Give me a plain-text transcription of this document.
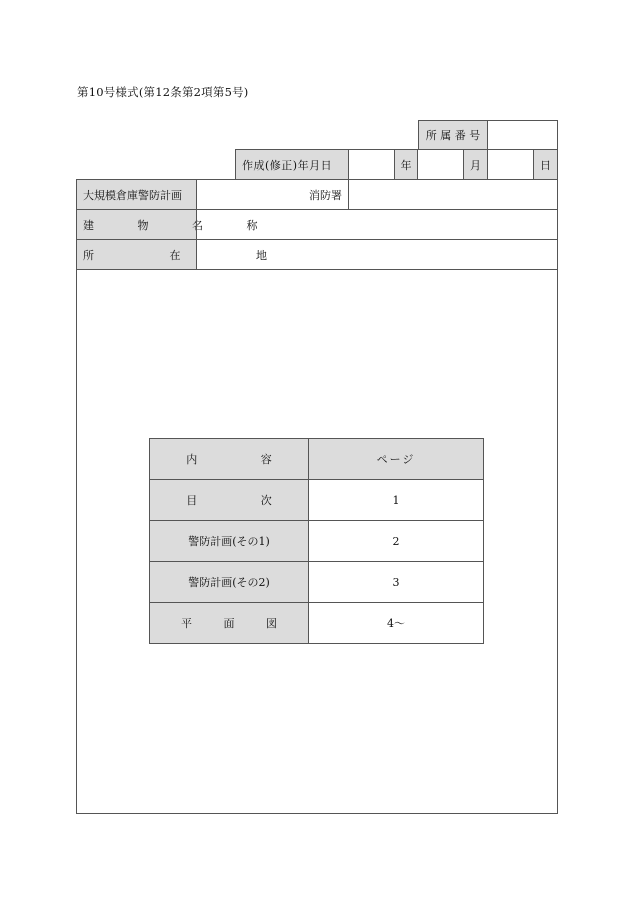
第10号様式(第12条第2項第5号)
所 属 番 号
作成(修正)年月日	年	月	日
大規模倉庫警防計画	消防署
建 物 名 称
所 在 地
内 容	ページ
目 次	1
警防計画(その1)	2
警防計画(その2)	3
平 面 図	4〜
